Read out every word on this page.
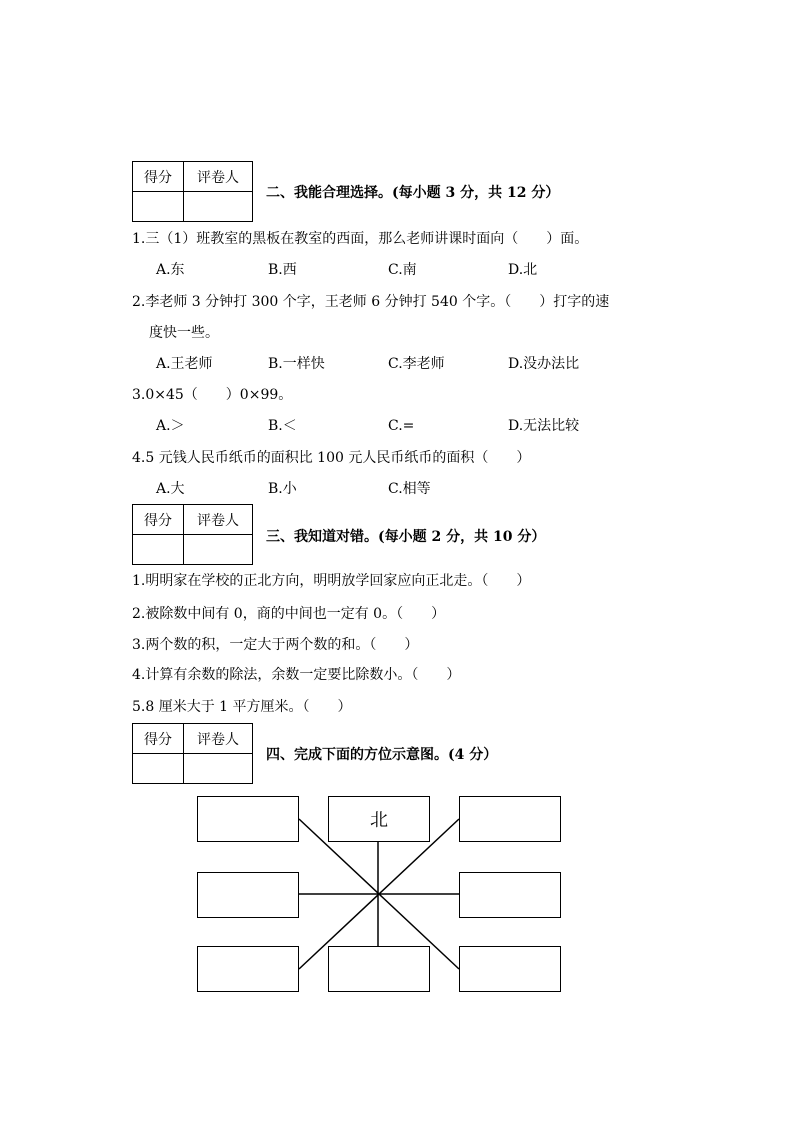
得分	评卷人

二、我能合理选择。(每小题 3 分，共 12 分）
1.三（1）班教室的黑板在教室的西面，那么老师讲课时面向（　　）面。
A.东	B.西	C.南	D.北
2.李老师 3 分钟打 300 个字，王老师 6 分钟打 540 个字。（　　）打字的速
度快一些。
A.王老师	B.一样快	C.李老师	D.没办法比
3.0×45（　　）0×99。
A.＞	B.＜	C.=	D.无法比较
4.5 元钱人民币纸币的面积比 100 元人民币纸币的面积（　　）
A.大	B.小	C.相等
得分	评卷人

三、我知道对错。(每小题 2 分，共 10 分）
1.明明家在学校的正北方向，明明放学回家应向正北走。（　　）
2.被除数中间有 0，商的中间也一定有 0。（　　）
3.两个数的积，一定大于两个数的和。（　　）
4.计算有余数的除法，余数一定要比除数小。（　　）
5.8 厘米大于 1 平方厘米。（　　）
得分	评卷人

四、完成下面的方位示意图。(4 分）
北
